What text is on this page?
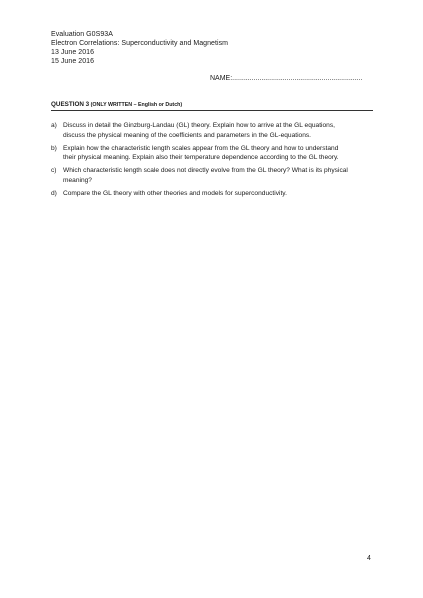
Evaluation G0S93A
Electron Correlations: Superconductivity and Magnetism
13 June 2016
15 June 2016
NAME:...................................................................
QUESTION 3 (ONLY WRITTEN – English or Dutch)
a) Discuss in detail the Ginzburg-Landau (GL) theory. Explain how to arrive at the GL equations,
discuss the physical meaning of the coefficients and parameters in the GL-equations.
b) Explain how the characteristic length scales appear from the GL theory and how to understand
their physical meaning. Explain also their temperature dependence according to the GL theory.
c) Which characteristic length scale does not directly evolve from the GL theory? What is its physical
meaning?
d) Compare the GL theory with other theories and models for superconductivity.
4
